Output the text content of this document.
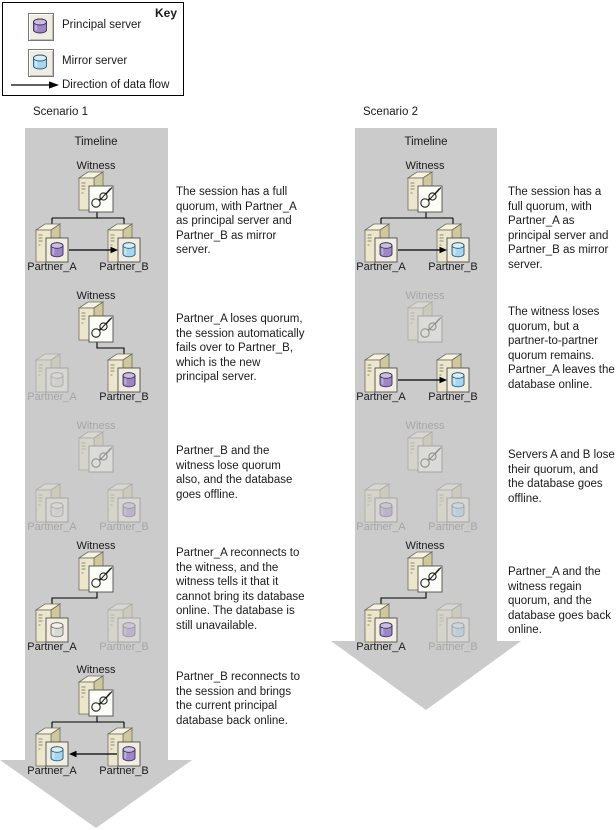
Key
Principal server
Mirror server
Direction of data flow
Scenario 1
Timeline
Witness
Partner_A Partner_B
The session has a full quorum, with Partner_A as principal server and Partner_B as mirror server.
Witness
Partner_A Partner_B
Partner_A loses quorum, the session automatically fails over to Partner_B, which is the new principal server.
Witness
Partner_A Partner_B
Partner_B and the witness lose quorum also, and the database goes offline.
Witness
Partner_A Partner_B
Partner_A reconnects to the witness, and the witness tells it that it cannot bring its database online. The database is still unavailable.
Witness
Partner_A Partner_B
Partner_B reconnects to the session and brings the current principal database back online.
Scenario 2
Timeline
Witness
Partner_A Partner_B
The session has a full quorum, with Partner_A as principal server and Partner_B as mirror server.
Witness
Partner_A Partner_B
The witness loses quorum, but a partner-to-partner quorum remains. Partner_A leaves the database online.
Witness
Partner_A Partner_B
Servers A and B lose their quorum, and the database goes offline.
Witness
Partner_A Partner_B
Partner_A and the witness regain quorum, and the database goes back online.
